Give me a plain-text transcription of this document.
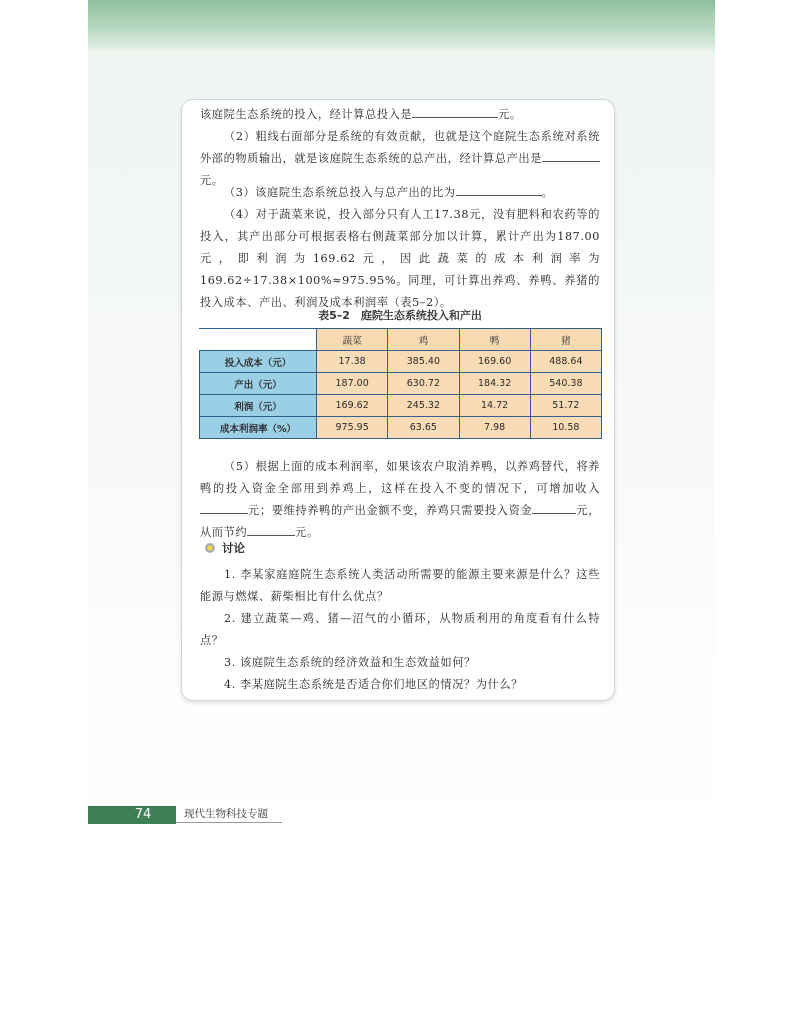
该庭院生态系统的投入，经计算总投入是	元。

（2）粗线右面部分是系统的有效贡献，也就是这个庭院生态系统对系统外部的物质输出，就是该庭院生态系统的总产出，经计算总产出是元。

（3）该庭院生态系统总投入与总产出的比为	。

（4）对于蔬菜来说，投入部分只有人工17.38元，没有肥料和农药等的投入，其产出部分可根据表格右侧蔬菜部分加以计算，累计产出为187.00元，即利润为169.62元，因此蔬菜的成本利润率为169.62÷17.38×100%≈975.95%。同理，可计算出养鸡、养鸭、养猪的投入成本、产出、利润及成本利润率（表5–2）。

表5–2　庭院生态系统投入和产出
	蔬菜	鸡	鸭	猪
投入成本（元）	17.38	385.40	169.60	488.64
产出（元）	187.00	630.72	184.32	540.38
利润（元）	169.62	245.32	14.72	51.72
成本利润率（%）	975.95	63.65	7.98	10.58

（5）根据上面的成本利润率，如果该农户取消养鸭，以养鸡替代，将养鸭的投入资金全部用到养鸡上，这样在投入不变的情况下，可增加收入元；要维持养鸭的产出金额不变，养鸡只需要投入资金	元，从而节约	元。

讨论

1. 李某家庭庭院生态系统人类活动所需要的能源主要来源是什么？这些能源与燃煤、薪柴相比有什么优点？

2. 建立蔬菜—鸡、猪—沼气的小循环，从物质利用的角度看有什么特点？

3. 该庭院生态系统的经济效益和生态效益如何？

4. 李某庭院生态系统是否适合你们地区的情况？为什么？

74	现代生物科技专题
